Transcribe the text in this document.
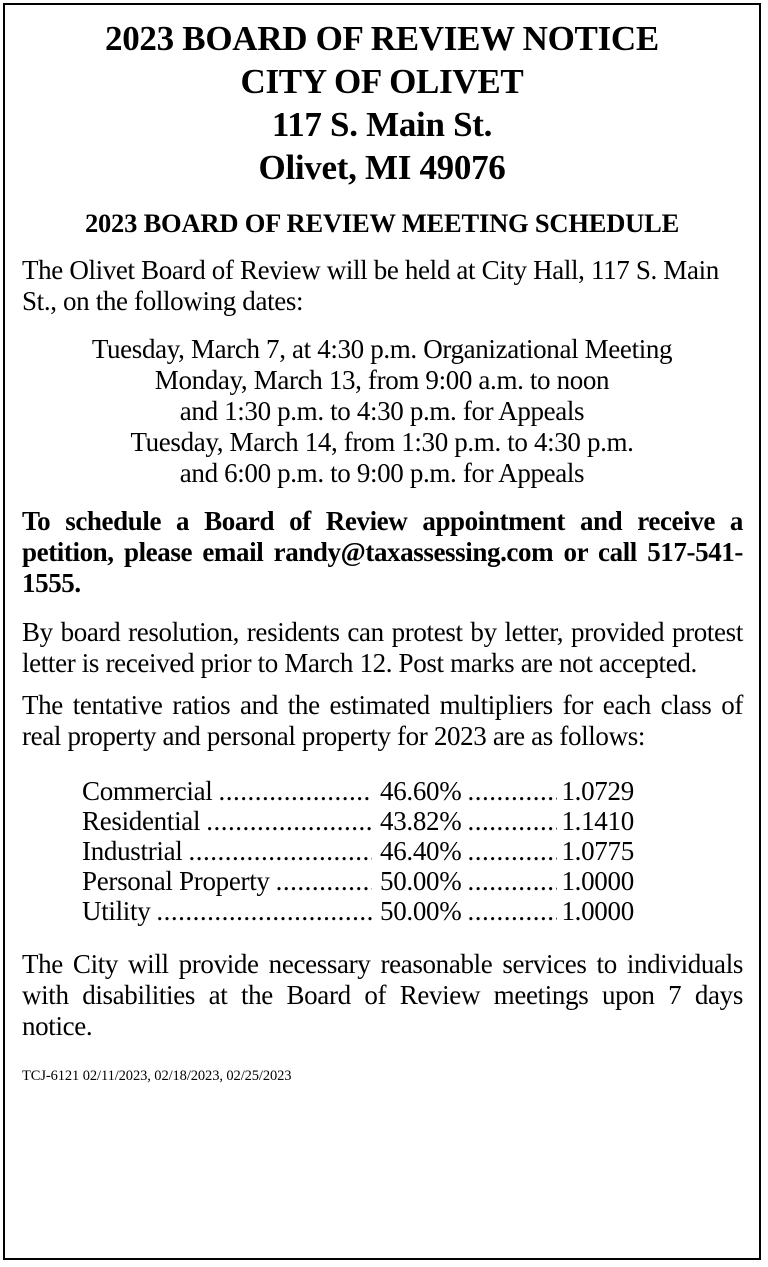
2023 BOARD OF REVIEW NOTICE
CITY OF OLIVET
117 S. Main St.
Olivet, MI 49076
2023 BOARD OF REVIEW MEETING SCHEDULE
The Olivet Board of Review will be held at City Hall, 117 S. Main St., on the following dates:
Tuesday, March 7, at 4:30 p.m. Organizational Meeting
Monday, March 13, from 9:00 a.m. to noon
and 1:30 p.m. to 4:30 p.m. for Appeals
Tuesday, March 14, from 1:30 p.m. to 4:30 p.m.
and 6:00 p.m. to 9:00 p.m. for Appeals
To schedule a Board of Review appointment and receive a petition, please email randy@taxassessing.com or call 517-541-1555.
By board resolution, residents can protest by letter, provided protest letter is received prior to March 12. Post marks are not accepted.
The tentative ratios and the estimated multipliers for each class of real property and personal property for 2023 are as follows:
Commercial .....	46.60% .....	1.0729
Residential .....	43.82% .....	1.1410
Industrial .....	46.40% .....	1.0775
Personal Property .....	50.00% .....	1.0000
Utility .....	50.00% .....	1.0000
The City will provide necessary reasonable services to individuals with disabilities at the Board of Review meetings upon 7 days notice.
TCJ-6121 02/11/2023, 02/18/2023, 02/25/2023
